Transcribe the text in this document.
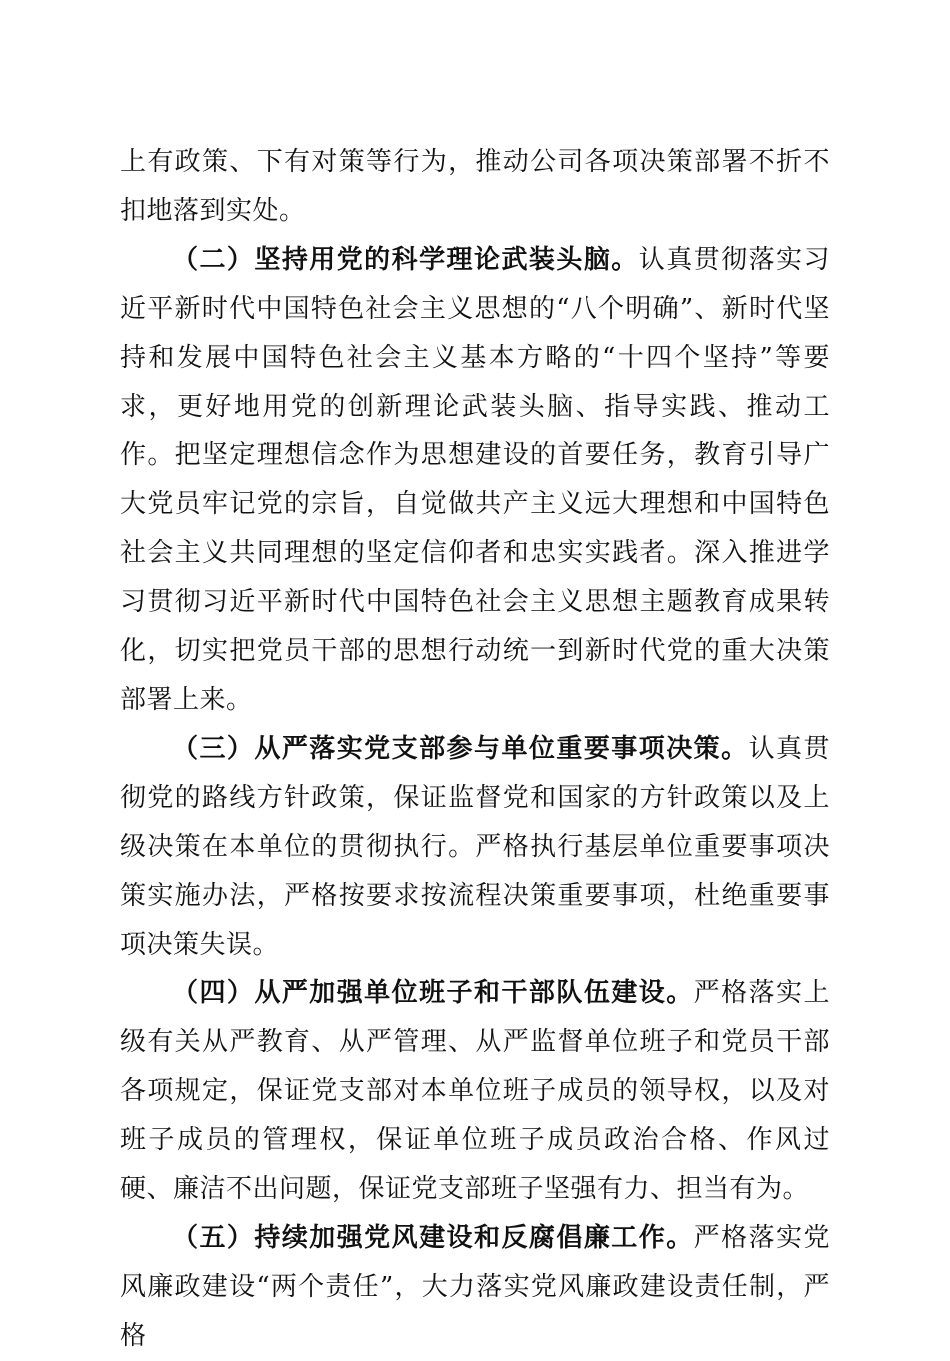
上有政策、下有对策等行为，推动公司各项决策部署不折不扣地落到实处。

（二）坚持用党的科学理论武装头脑。认真贯彻落实习近平新时代中国特色社会主义思想的“八个明确”、新时代坚持和发展中国特色社会主义基本方略的“十四个坚持”等要求，更好地用党的创新理论武装头脑、指导实践、推动工作。把坚定理想信念作为思想建设的首要任务，教育引导广大党员牢记党的宗旨，自觉做共产主义远大理想和中国特色社会主义共同理想的坚定信仰者和忠实实践者。深入推进学习贯彻习近平新时代中国特色社会主义思想主题教育成果转化，切实把党员干部的思想行动统一到新时代党的重大决策部署上来。

（三）从严落实党支部参与单位重要事项决策。认真贯彻党的路线方针政策，保证监督党和国家的方针政策以及上级决策在本单位的贯彻执行。严格执行基层单位重要事项决策实施办法，严格按要求按流程决策重要事项，杜绝重要事项决策失误。

（四）从严加强单位班子和干部队伍建设。严格落实上级有关从严教育、从严管理、从严监督单位班子和党员干部各项规定，保证党支部对本单位班子成员的领导权，以及对班子成员的管理权，保证单位班子成员政治合格、作风过硬、廉洁不出问题，保证党支部班子坚强有力、担当有为。

（五）持续加强党风建设和反腐倡廉工作。严格落实党风廉政建设“两个责任”，大力落实党风廉政建设责任制，严格
